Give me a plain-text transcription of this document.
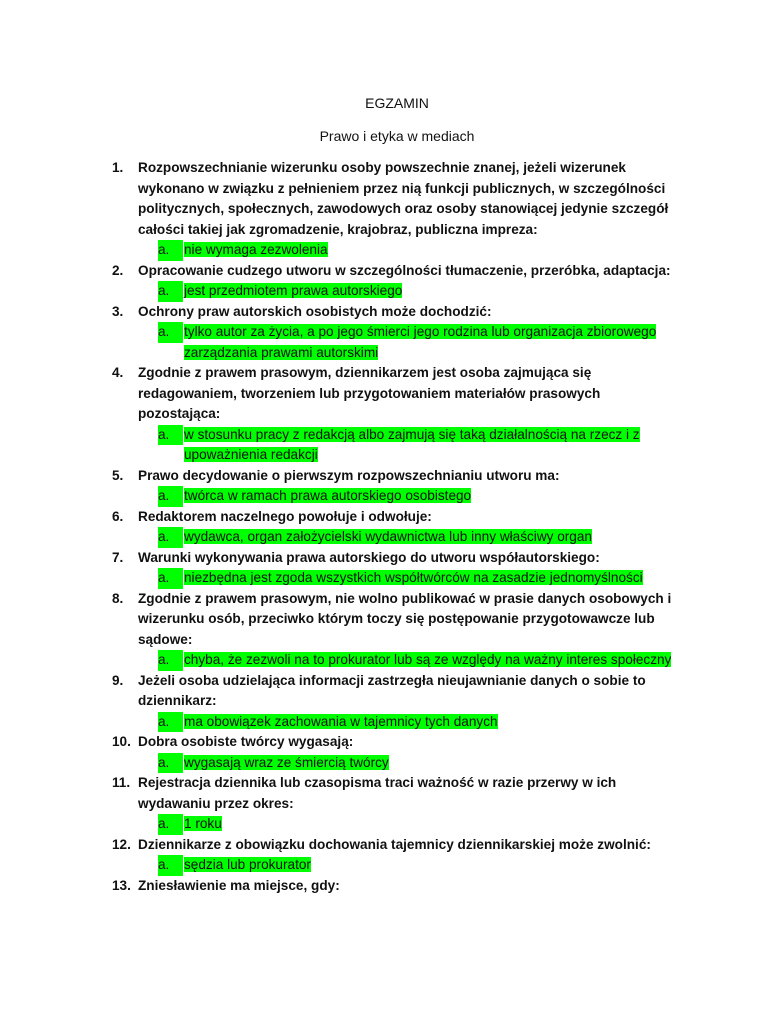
EGZAMIN
Prawo i etyka w mediach
1.	Rozpowszechnianie wizerunku osoby powszechnie znanej, jeżeli wizerunek wykonano w związku z pełnieniem przez nią funkcji publicznych, w szczególności politycznych, społecznych, zawodowych oraz osoby stanowiącej jedynie szczegół całości takiej jak zgromadzenie, krajobraz, publiczna impreza:
a.	nie wymaga zezwolenia
2.	Opracowanie cudzego utworu w szczególności tłumaczenie, przeróbka, adaptacja:
a.	jest przedmiotem prawa autorskiego
3.	Ochrony praw autorskich osobistych może dochodzić:
a.	tylko autor za życia, a po jego śmierci jego rodzina lub organizacja zbiorowego zarządzania prawami autorskimi
4.	Zgodnie z prawem prasowym, dziennikarzem jest osoba zajmująca się redagowaniem, tworzeniem lub przygotowaniem materiałów prasowych pozostająca:
a.	w stosunku pracy z redakcją albo zajmują się taką działalnością na rzecz i z upoważnienia redakcji
5.	Prawo decydowanie o pierwszym rozpowszechnianiu utworu ma:
a.	twórca w ramach prawa autorskiego osobistego
6.	Redaktorem naczelnego powołuje i odwołuje:
a.	wydawca, organ założycielski wydawnictwa lub inny właściwy organ
7.	Warunki wykonywania prawa autorskiego do utworu współautorskiego:
a.	niezbędna jest zgoda wszystkich współtwórców na zasadzie jednomyślności
8.	Zgodnie z prawem prasowym, nie wolno publikować w prasie danych osobowych i wizerunku osób, przeciwko którym toczy się postępowanie przygotowawcze lub sądowe:
a.	chyba, że zezwoli na to prokurator lub są ze względy na ważny interes społeczny
9.	Jeżeli osoba udzielająca informacji zastrzegła nieujawnianie danych o sobie to dziennikarz:
a.	ma obowiązek zachowania w tajemnicy tych danych
10. Dobra osobiste twórcy wygasają:
a.	wygasają wraz ze śmiercią twórcy
11. Rejestracja dziennika lub czasopisma traci ważność w razie przerwy w ich wydawaniu przez okres:
a.	1 roku
12. Dziennikarze z obowiązku dochowania tajemnicy dziennikarskiej może zwolnić:
a.	sędzia lub prokurator
13. Zniesławienie ma miejsce, gdy:
